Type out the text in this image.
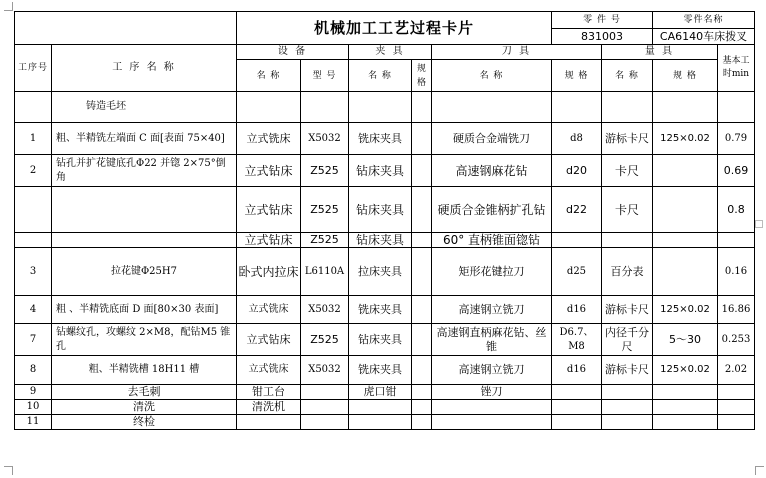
		机械加工工艺过程卡片					零 件 号		零件名称	
							831003		CA6140车床拨叉	
工序号	工 序 名 称	设 备		夹 具		刀 具		量 具		基本工时min
		名 称	型 号	名 称	规格	名 称	规 格	名 称	规 格	
	铸造毛坯									
1	粗、半精铣左端面 C 面[表面 75×40]	立式铣床	X5032	铣床夹具		硬质合金端铣刀	d8	游标卡尺	125×0.02	0.79
2	钻孔并扩花键底孔Φ22 并锪 2×75°倒角	立式钻床	Z525	钻床夹具		高速钢麻花钻	d20	卡尺		0.69
		立式钻床	Z525	钻床夹具		硬质合金锥柄扩孔钻	d22	卡尺		0.8
		立式钻床	Z525	钻床夹具		60° 直柄锥面锪钻				
3	拉花键Φ25H7	卧式内拉床	L6110A	拉床夹具		矩形花键拉刀	d25	百分表		0.16
4	粗 、半精铣底面 D 面[80×30 表面]	立式铣床	X5032	铣床夹具		高速钢立铣刀	d16	游标卡尺	125×0.02	16.86
7	钻螺纹孔，攻螺纹 2×M8，配钻M5 锥孔	立式钻床	Z525	钻床夹具		高速钢直柄麻花钻、丝锥	D6.7、M8	内径千分尺	5～30	0.253
8	粗、半精铣槽 18H11 槽	立式铣床	X5032	铣床夹具		高速钢立铣刀	d16	游标卡尺	125×0.02	2.02
9	去毛刺	钳工台		虎口钳		锉刀				
10	清洗	清洗机								
11	终检									
